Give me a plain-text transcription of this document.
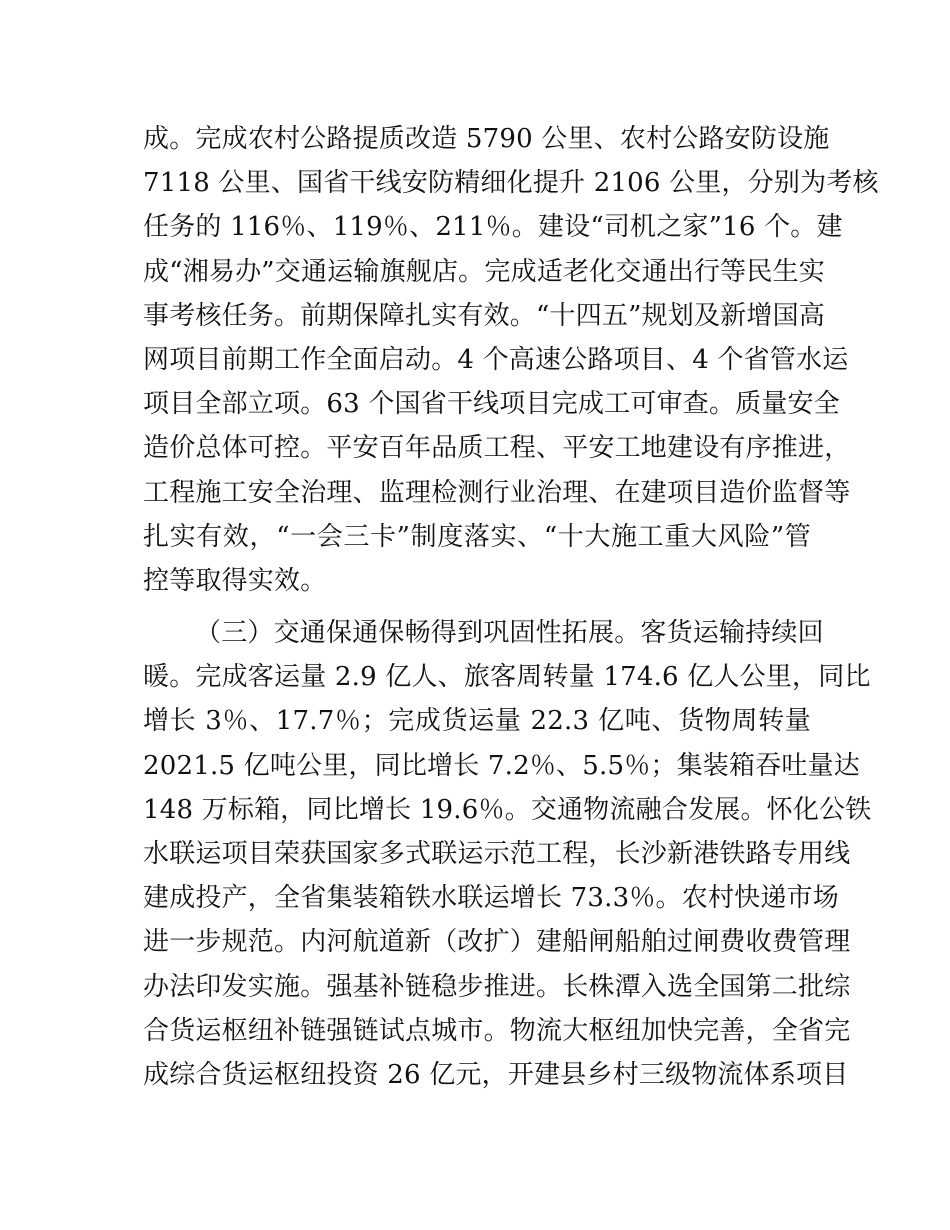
成。完成农村公路提质改造 5790 公里、农村公路安防设施
7118 公里、国省干线安防精细化提升 2106 公里，分别为考核
任务的 116％、119％、211％。建设“司机之家”16 个。建
成“湘易办”交通运输旗舰店。完成适老化交通出行等民生实
事考核任务。前期保障扎实有效。“十四五”规划及新增国高
网项目前期工作全面启动。4 个高速公路项目、4 个省管水运
项目全部立项。63 个国省干线项目完成工可审查。质量安全
造价总体可控。平安百年品质工程、平安工地建设有序推进，
工程施工安全治理、监理检测行业治理、在建项目造价监督等
扎实有效，“一会三卡”制度落实、“十大施工重大风险”管
控等取得实效。
（三）交通保通保畅得到巩固性拓展。客货运输持续回
暖。完成客运量 2.9 亿人、旅客周转量 174.6 亿人公里，同比
增长 3％、17.7％；完成货运量 22.3 亿吨、货物周转量
2021.5 亿吨公里，同比增长 7.2％、5.5％；集装箱吞吐量达
148 万标箱，同比增长 19.6％。交通物流融合发展。怀化公铁
水联运项目荣获国家多式联运示范工程，长沙新港铁路专用线
建成投产，全省集装箱铁水联运增长 73.3％。农村快递市场
进一步规范。内河航道新（改扩）建船闸船舶过闸费收费管理
办法印发实施。强基补链稳步推进。长株潭入选全国第二批综
合货运枢纽补链强链试点城市。物流大枢纽加快完善，全省完
成综合货运枢纽投资 26 亿元，开建县乡村三级物流体系项目
